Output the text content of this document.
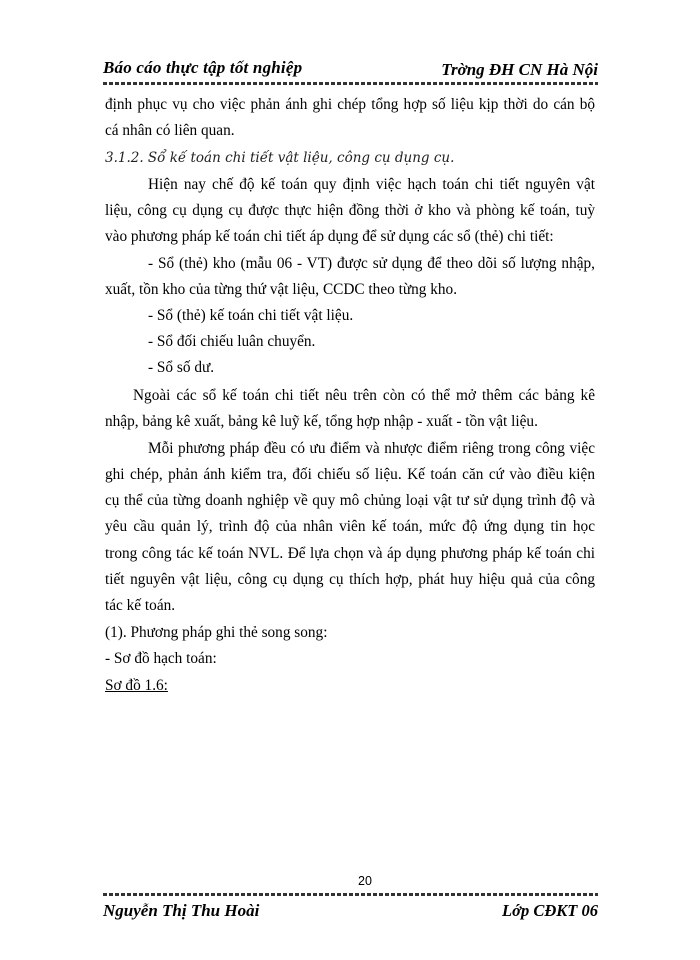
Báo cáo thực tập tốt nghiệp	Trờng ĐH CN Hà Nội
định phục vụ cho việc phản ánh ghi chép tổng hợp số liệu kịp thời do cán bộ
cá nhân có liên quan.
3.1.2. Sổ kế toán chi tiết vật liệu, công cụ dụng cụ.
Hiện nay chế độ kế toán quy định việc hạch toán chi tiết nguyên vật
liệu, công cụ dụng cụ được thực hiện đồng thời ở kho và phòng kế toán, tuỳ
vào phương pháp kế toán chi tiết áp dụng để sử dụng các sổ (thẻ) chi tiết:
- Sổ (thẻ) kho (mẫu 06 - VT) được sử dụng để theo dõi số lượng nhập,
xuất, tồn kho của từng thứ vật liệu, CCDC theo từng kho.
- Sổ (thẻ) kế toán chi tiết vật liệu.
- Sổ đối chiếu luân chuyển.
- Sổ số dư.
Ngoài các sổ kế toán chi tiết nêu trên còn có thể mở thêm các bảng kê
nhập, bảng kê xuất, bảng kê luỹ kế, tổng hợp nhập - xuất - tồn vật liệu.
Mỗi phương pháp đều có ưu điểm và nhược điểm riêng trong công việc
ghi chép, phản ánh kiểm tra, đối chiếu số liệu. Kế toán căn cứ vào điều kiện
cụ thể của từng doanh nghiệp về quy mô chủng loại vật tư sử dụng trình độ và
yêu cầu quản lý, trình độ của nhân viên kế toán, mức độ ứng dụng tin học
trong công tác kế toán NVL. Để lựa chọn và áp dụng phương pháp kế toán chi
tiết nguyên vật liệu, công cụ dụng cụ thích hợp, phát huy hiệu quả của công
tác kế toán.
(1). Phương pháp ghi thẻ song song:
- Sơ đồ hạch toán:
Sơ đồ 1.6:
20
Nguyễn Thị Thu Hoài	Lớp CĐKT 06
